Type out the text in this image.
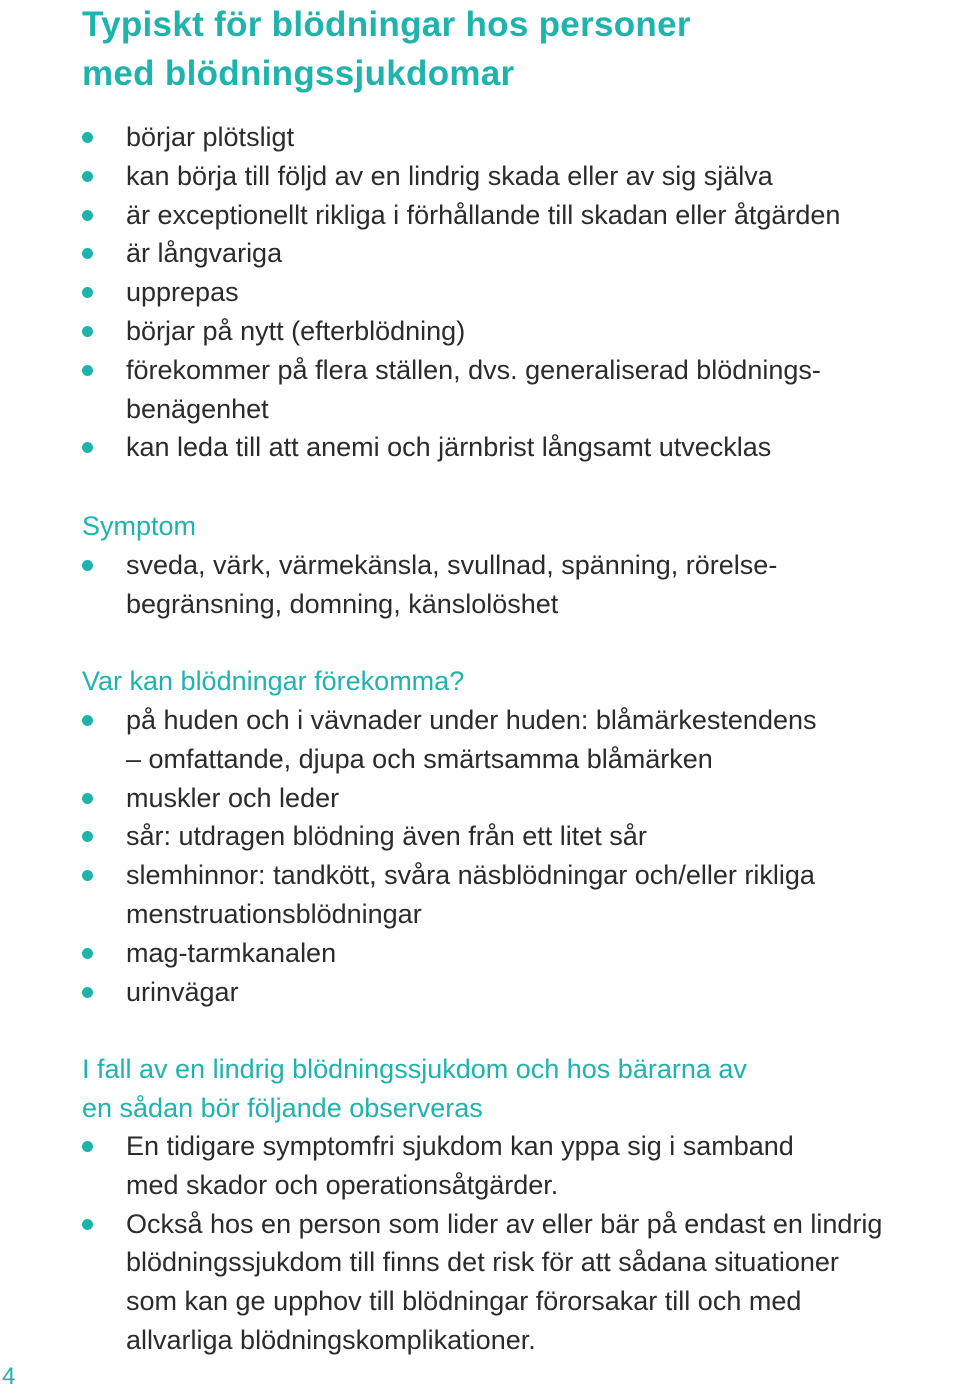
Typiskt för blödningar hos personer
med blödningssjukdomar
börjar plötsligt
kan börja till följd av en lindrig skada eller av sig själva
är exceptionellt rikliga i förhållande till skadan eller åtgärden
är långvariga
upprepas
börjar på nytt (efterblödning)
förekommer på flera ställen, dvs. generaliserad blödnings-
benägenhet
kan leda till att anemi och järnbrist långsamt utvecklas
Symptom
sveda, värk, värmekänsla, svullnad, spänning, rörelse-
begränsning, domning, känslolöshet
Var kan blödningar förekomma?
på huden och i vävnader under huden: blåmärkestendens
– omfattande, djupa och smärtsamma blåmärken
muskler och leder
sår: utdragen blödning även från ett litet sår
slemhinnor: tandkött, svåra näsblödningar och/eller rikliga
menstruationsblödningar
mag-tarmkanalen
urinvägar
I fall av en lindrig blödningssjukdom och hos bärarna av
en sådan bör följande observeras
En tidigare symptomfri sjukdom kan yppa sig i samband
med skador och operationsåtgärder.
Också hos en person som lider av eller bär på endast en lindrig
blödningssjukdom till finns det risk för att sådana situationer
som kan ge upphov till blödningar förorsakar till och med
allvarliga blödningskomplikationer.
4
